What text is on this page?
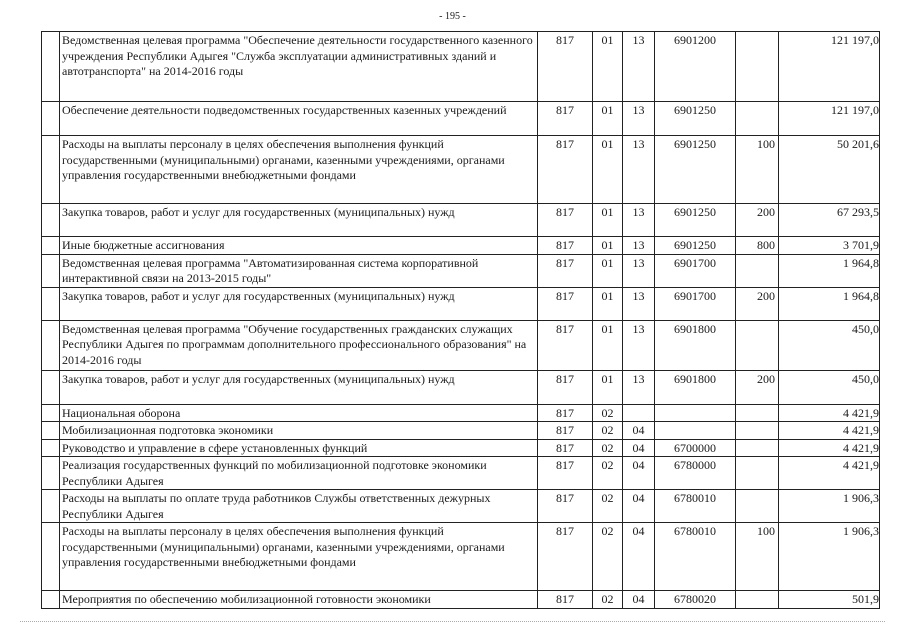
- 195 -
	Ведомственная целевая программа "Обеспечение деятельности государственного казенного учреждения Республики Адыгея "Служба эксплуатации административных зданий и автотранспорта" на 2014-2016 годы	817	01	13	6901200		121 197,0
	Обеспечение деятельности подведомственных государственных казенных учреждений	817	01	13	6901250		121 197,0
	Расходы на выплаты персоналу в целях обеспечения выполнения функций государственными (муниципальными) органами, казенными учреждениями, органами управления государственными внебюджетными фондами	817	01	13	6901250	100	50 201,6
	Закупка товаров, работ и услуг для государственных (муниципальных) нужд	817	01	13	6901250	200	67 293,5
	Иные бюджетные ассигнования	817	01	13	6901250	800	3 701,9
	Ведомственная целевая программа "Автоматизированная система корпоративной интерактивной связи на 2013-2015 годы"	817	01	13	6901700		1 964,8
	Закупка товаров, работ и услуг для государственных (муниципальных) нужд	817	01	13	6901700	200	1 964,8
	Ведомственная целевая программа "Обучение государственных гражданских служащих Республики Адыгея по программам дополнительного профессионального образования" на 2014-2016 годы	817	01	13	6901800		450,0
	Закупка товаров, работ и услуг для государственных (муниципальных) нужд	817	01	13	6901800	200	450,0
	Национальная оборона	817	02				4 421,9
	Мобилизационная подготовка экономики	817	02	04			4 421,9
	Руководство и управление в сфере установленных функций	817	02	04	6700000		4 421,9
	Реализация государственных функций по мобилизационной подготовке экономики Республики Адыгея	817	02	04	6780000		4 421,9
	Расходы на выплаты по оплате труда работников Службы ответственных дежурных Республики Адыгея	817	02	04	6780010		1 906,3
	Расходы на выплаты персоналу в целях обеспечения выполнения функций государственными (муниципальными) органами, казенными учреждениями, органами управления государственными внебюджетными фондами	817	02	04	6780010	100	1 906,3
	Мероприятия по обеспечению мобилизационной готовности экономики	817	02	04	6780020		501,9
